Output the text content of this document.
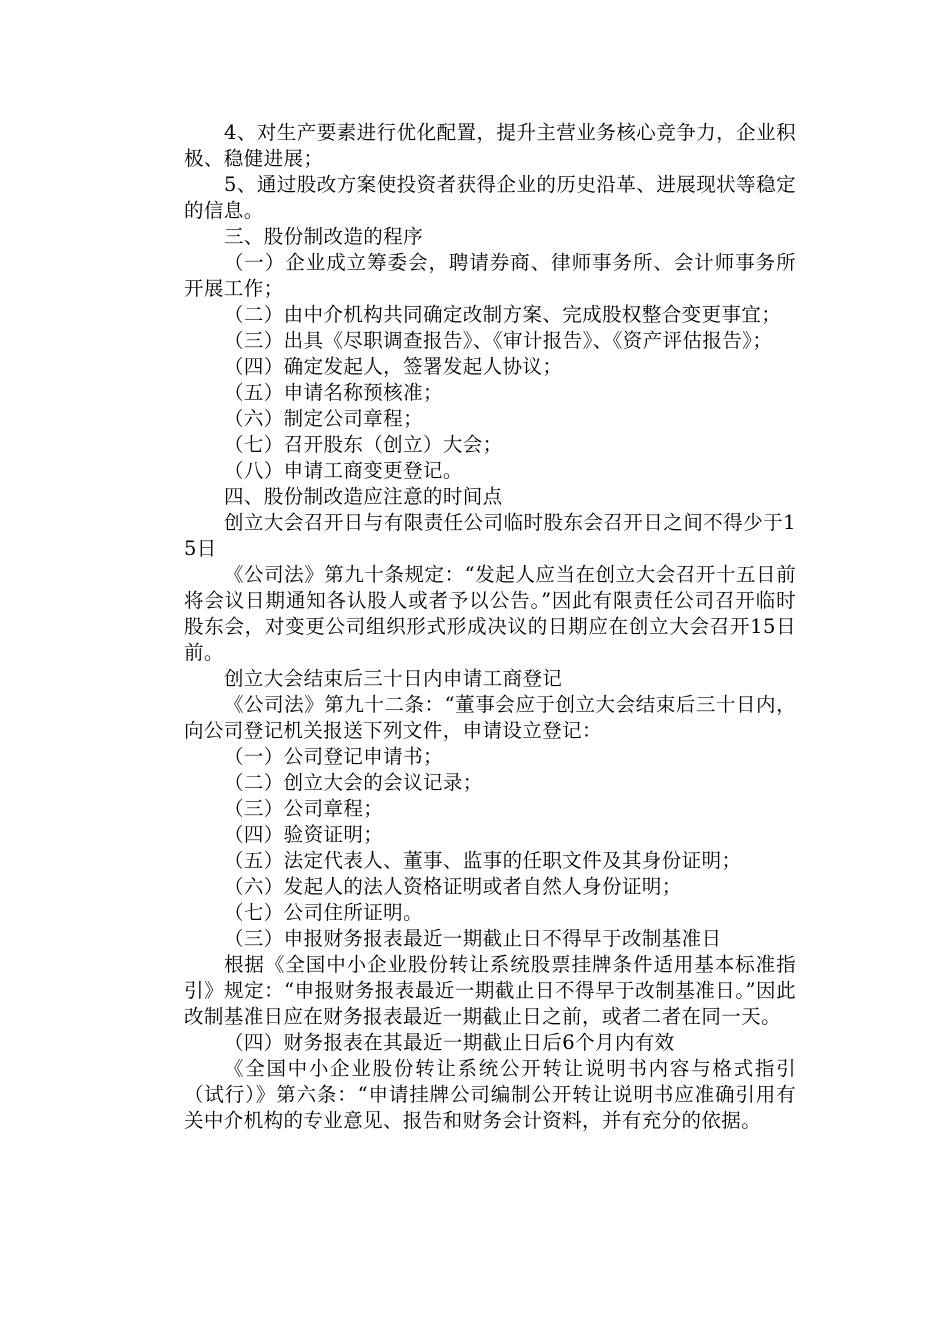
4、对生产要素进行优化配置，提升主营业务核心竞争力，企业积极、稳健进展；

5、通过股改方案使投资者获得企业的历史沿革、进展现状等稳定的信息。

三、股份制改造的程序

（一）企业成立筹委会，聘请券商、律师事务所、会计师事务所开展工作；

（二）由中介机构共同确定改制方案、完成股权整合变更事宜；

（三）出具《尽职调查报告》、《审计报告》、《资产评估报告》；

（四）确定发起人，签署发起人协议；

（五）申请名称预核准；

（六）制定公司章程；

（七）召开股东（创立）大会；

（八）申请工商变更登记。

四、股份制改造应注意的时间点

创立大会召开日与有限责任公司临时股东会召开日之间不得少于15日

《公司法》第九十条规定：“发起人应当在创立大会召开十五日前将会议日期通知各认股人或者予以公告。”因此有限责任公司召开临时股东会，对变更公司组织形式形成决议的日期应在创立大会召开15日前。

创立大会结束后三十日内申请工商登记

《公司法》第九十二条：“董事会应于创立大会结束后三十日内，向公司登记机关报送下列文件，申请设立登记：

（一）公司登记申请书；

（二）创立大会的会议记录；

（三）公司章程；

（四）验资证明；

（五）法定代表人、董事、监事的任职文件及其身份证明；

（六）发起人的法人资格证明或者自然人身份证明；

（七）公司住所证明。

（三）申报财务报表最近一期截止日不得早于改制基准日

根据《全国中小企业股份转让系统股票挂牌条件适用基本标准指引》规定：“申报财务报表最近一期截止日不得早于改制基准日。”因此改制基准日应在财务报表最近一期截止日之前，或者二者在同一天。

（四）财务报表在其最近一期截止日后6个月内有效

《全国中小企业股份转让系统公开转让说明书内容与格式指引（试行）》第六条：“申请挂牌公司编制公开转让说明书应准确引用有关中介机构的专业意见、报告和财务会计资料，并有充分的依据。
